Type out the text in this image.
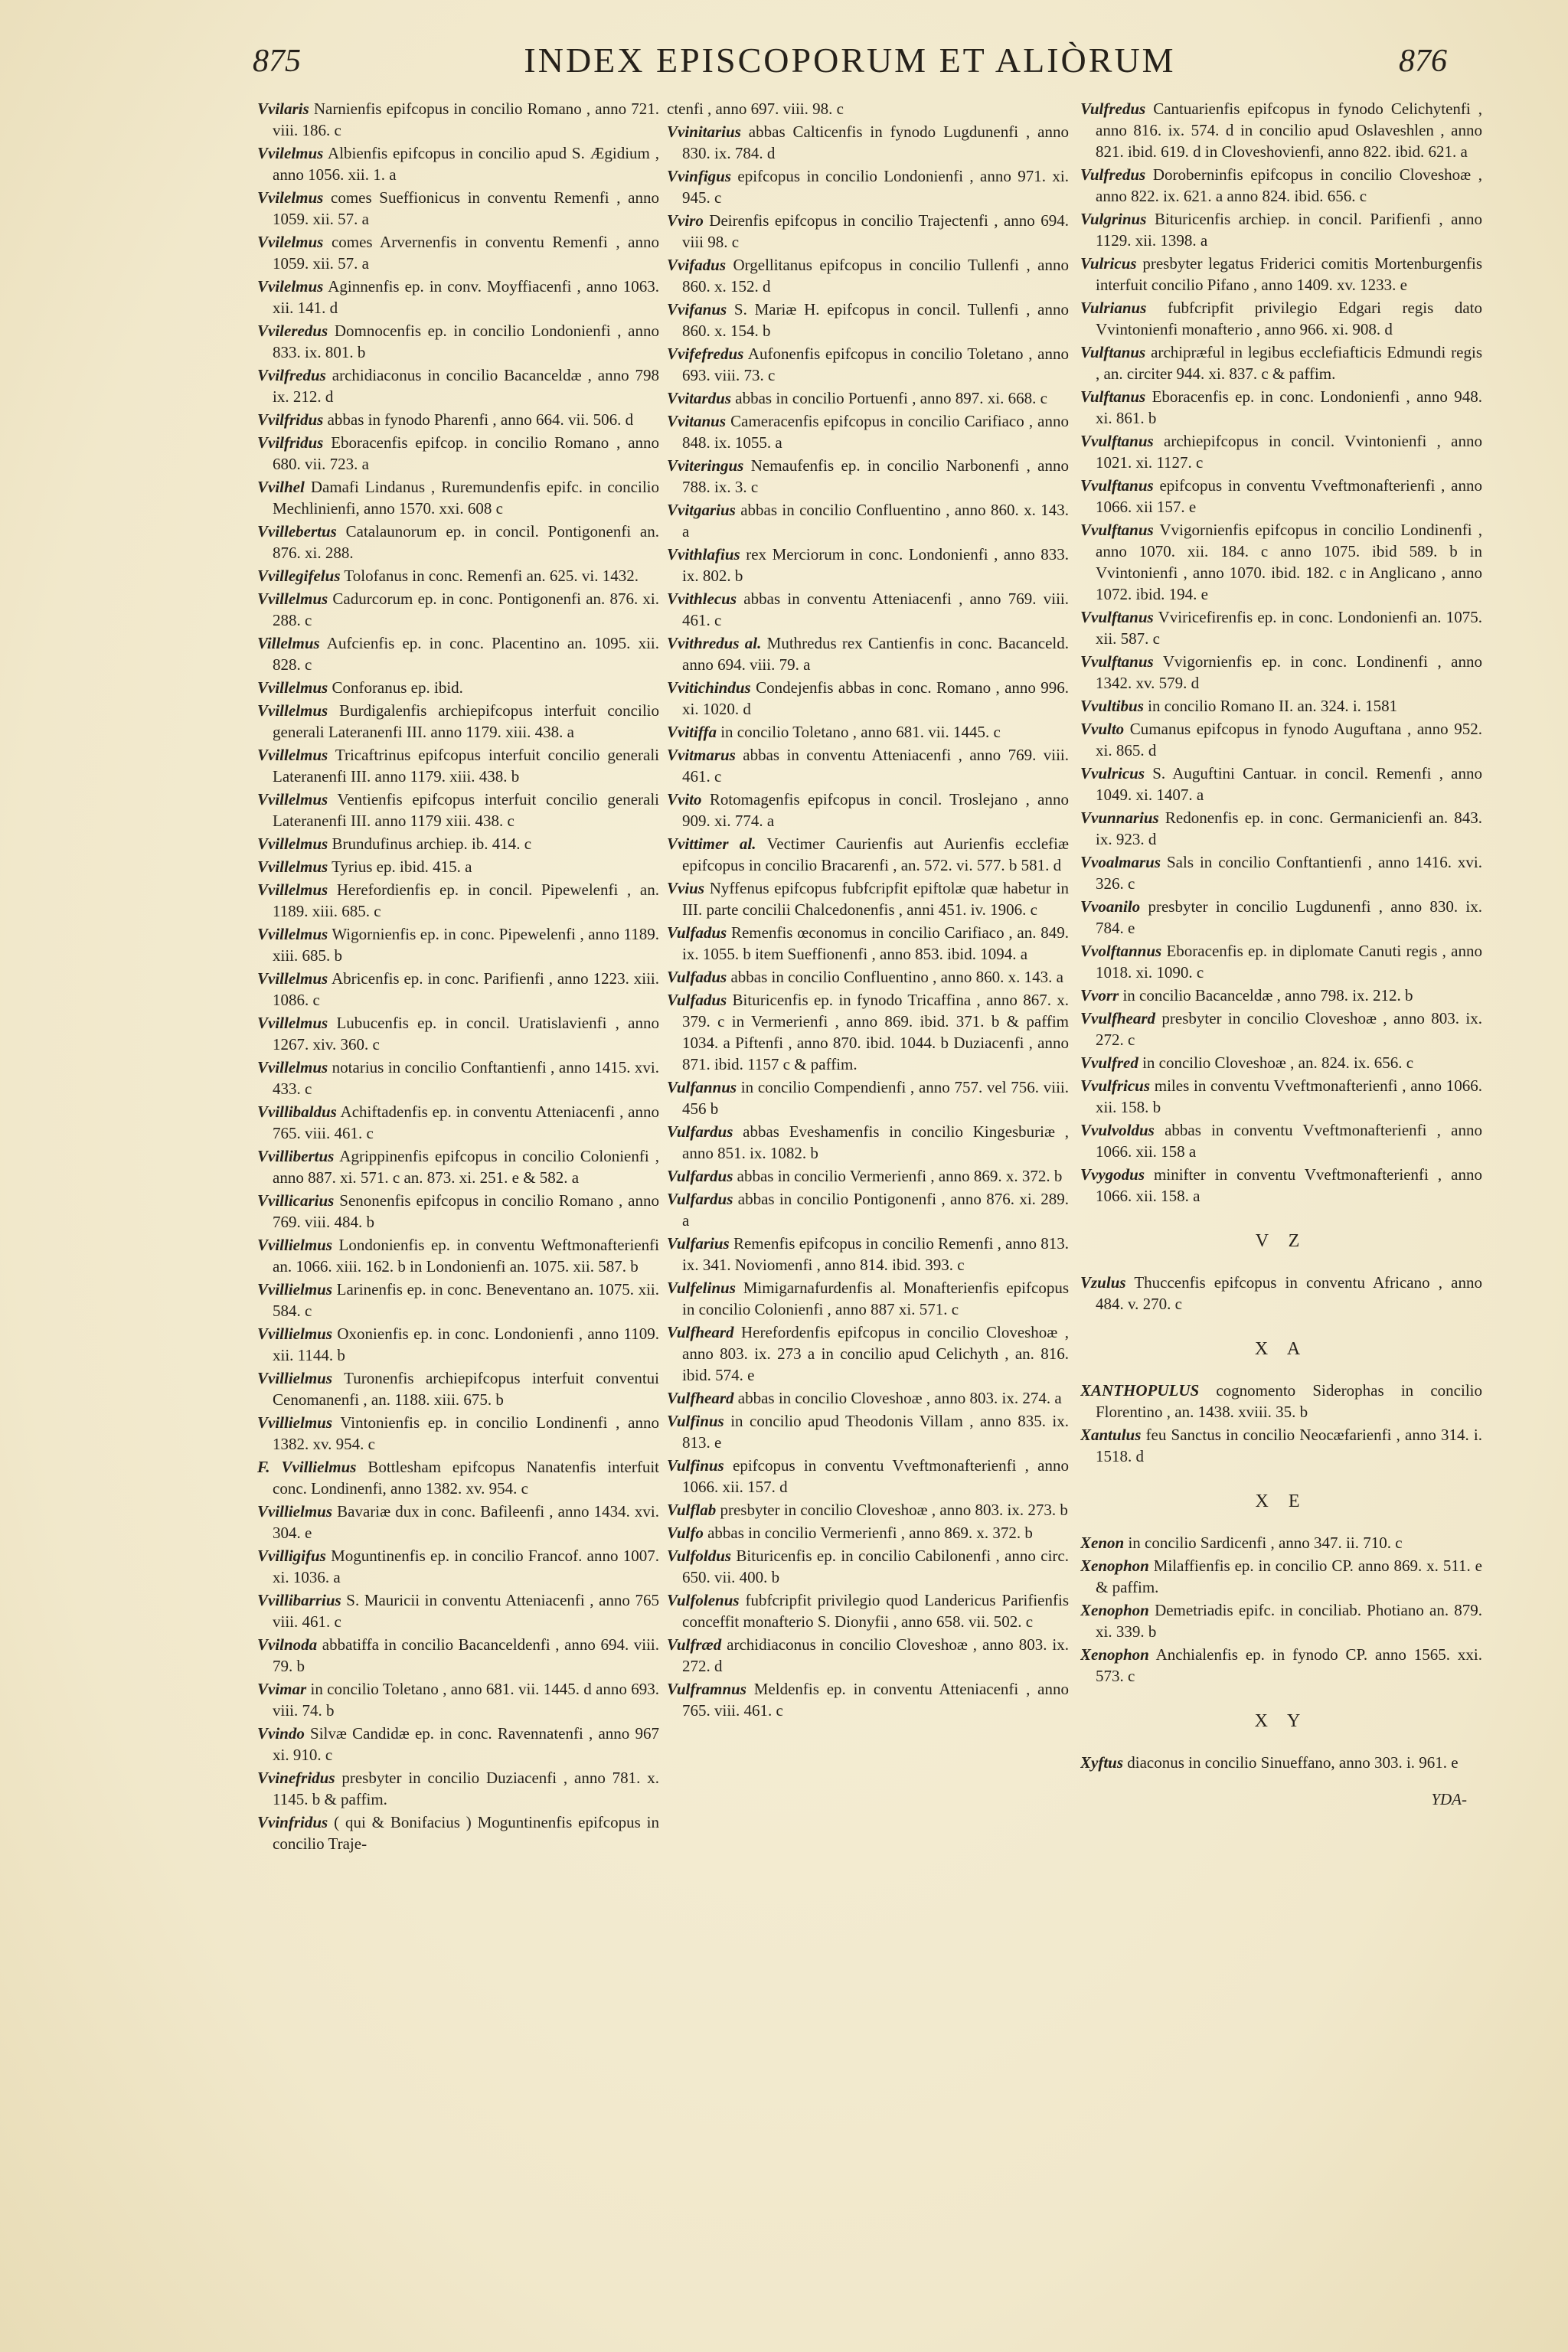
875	INDEX EPISCOPORUM ET ALIÒRUM	876

Vvilaris Narnienfis epifcopus in concilio Romano , anno 721. viii. 186. c

Vvilelmus Albienfis epifcopus in concilio apud S. Ægidium , anno 1056. xii. 1. a

Vvilelmus comes Sueffionicus in conventu Remenfi , anno 1059. xii. 57. a

Vvilelmus comes Arvernenfis in conventu Remenfi , anno 1059. xii. 57. a

Vvilelmus Aginnenfis ep. in conv. Moyffiacenfi , anno 1063. xii. 141. d

Vvileredus Domnocenfis ep. in concilio Londonienfi , anno 833. ix. 801. b

Vvilfredus archidiaconus in concilio Bacanceldæ , anno 798 ix. 212. d

Vvilfridus abbas in fynodo Pharenfi , anno 664. vii. 506. d

Vvilfridus Eboracenfis epifcop. in concilio Romano , anno 680. vii. 723. a

Vvilhel Damafi Lindanus , Ruremundenfis epifc. in concilio Mechlinienfi, anno 1570. xxi. 608 c

Vvillebertus Catalaunorum ep. in concil. Pontigonenfi an. 876. xi. 288.

Vvillegifelus Tolofanus in conc. Remenfi an. 625. vi. 1432.

Vvillelmus Cadurcorum ep. in conc. Pontigonenfi an. 876. xi. 288. c

Villelmus Aufcienfis ep. in conc. Placentino an. 1095. xii. 828. c

Vvillelmus Conforanus ep. ibid.

Vvillelmus Burdigalenfis archiepifcopus interfuit concilio generali Lateranenfi III. anno 1179. xiii. 438. a

Vvillelmus Tricaftrinus epifcopus interfuit concilio generali Lateranenfi III. anno 1179. xiii. 438. b

Vvillelmus Ventienfis epifcopus interfuit concilio generali Lateranenfi III. anno 1179 xiii. 438. c

Vvillelmus Brundufinus archiep. ib. 414. c

Vvillelmus Tyrius ep. ibid. 415. a

Vvillelmus Herefordienfis ep. in concil. Pipewelenfi , an. 1189. xiii. 685. c

Vvillelmus Wigornienfis ep. in conc. Pipewelenfi , anno 1189. xiii. 685. b

Vvillelmus Abricenfis ep. in conc. Parifienfi , anno 1223. xiii. 1086. c

Vvillelmus Lubucenfis ep. in concil. Uratislavienfi , anno 1267. xiv. 360. c

Vvillelmus notarius in concilio Conftantienfi , anno 1415. xvi. 433. c

Vvillibaldus Achiftadenfis ep. in conventu Atteniacenfi , anno 765. viii. 461. c

Vvillibertus Agrippinenfis epifcopus in concilio Colonienfi , anno 887. xi. 571. c an. 873. xi. 251. e & 582. a

Vvillicarius Senonenfis epifcopus in concilio Romano , anno 769. viii. 484. b

Vvillielmus Londonienfis ep. in conventu Weftmonafterienfi an. 1066. xiii. 162. b in Londonienfi an. 1075. xii. 587. b

Vvillielmus Larinenfis ep. in conc. Beneventano an. 1075. xii. 584. c

Vvillielmus Oxonienfis ep. in conc. Londonienfi , anno 1109. xii. 1144. b

Vvillielmus Turonenfis archiepifcopus interfuit conventui Cenomanenfi , an. 1188. xiii. 675. b

Vvillielmus Vintonienfis ep. in concilio Londinenfi , anno 1382. xv. 954. c

F. Vvillielmus Bottlesham epifcopus Nanatenfis interfuit conc. Londinenfi, anno 1382. xv. 954. c

Vvillielmus Bavariæ dux in conc. Bafileenfi , anno 1434. xvi. 304. e

Vvilligifus Moguntinenfis ep. in concilio Francof. anno 1007. xi. 1036. a

Vvillibarrius S. Mauricii in conventu Atteniacenfi , anno 765 viii. 461. c

Vvilnoda abbatiffa in concilio Bacanceldenfi , anno 694. viii. 79. b

Vvimar in concilio Toletano , anno 681. vii. 1445. d anno 693. viii. 74. b

Vvindo Silvæ Candidæ ep. in conc. Ravennatenfi , anno 967 xi. 910. c

Vvinefridus presbyter in concilio Duziacenfi , anno 781. x. 1145. b & paffim.

Vvinfridus ( qui & Bonifacius ) Moguntinenfis epifcopus in concilio Traje-

ctenfi , anno 697. viii. 98. c

Vvinitarius abbas Calticenfis in fynodo Lugdunenfi , anno 830. ix. 784. d

Vvinfigus epifcopus in concilio Londonienfi , anno 971. xi. 945. c

Vviro Deirenfis epifcopus in concilio Trajectenfi , anno 694. viii 98. c

Vvifadus Orgellitanus epifcopus in concilio Tullenfi , anno 860. x. 152. d

Vvifanus S. Mariæ H. epifcopus in concil. Tullenfi , anno 860. x. 154. b

Vvifefredus Aufonenfis epifcopus in concilio Toletano , anno 693. viii. 73. c

Vvitardus abbas in concilio Portuenfi , anno 897. xi. 668. c

Vvitanus Cameracenfis epifcopus in concilio Carifiaco , anno 848. ix. 1055. a

Vviteringus Nemaufenfis ep. in concilio Narbonenfi , anno 788. ix. 3. c

Vvitgarius abbas in concilio Confluentino , anno 860. x. 143. a

Vvithlafius rex Merciorum in conc. Londonienfi , anno 833. ix. 802. b

Vvithlecus abbas in conventu Atteniacenfi , anno 769. viii. 461. c

Vvithredus al. Muthredus rex Cantienfis in conc. Bacanceld. anno 694. viii. 79. a

Vvitichindus Condejenfis abbas in conc. Romano , anno 996. xi. 1020. d

Vvitiffa in concilio Toletano , anno 681. vii. 1445. c

Vvitmarus abbas in conventu Atteniacenfi , anno 769. viii. 461. c

Vvito Rotomagenfis epifcopus in concil. Troslejano , anno 909. xi. 774. a

Vvittimer al. Vectimer Caurienfis aut Aurienfis ecclefiæ epifcopus in concilio Bracarenfi , an. 572. vi. 577. b 581. d

Vvius Nyffenus epifcopus fubfcripfit epiftolæ quæ habetur in III. parte concilii Chalcedonenfis , anni 451. iv. 1906. c

Vulfadus Remenfis œconomus in concilio Carifiaco , an. 849. ix. 1055. b item Sueffionenfi , anno 853. ibid. 1094. a

Vulfadus abbas in concilio Confluentino , anno 860. x. 143. a

Vulfadus Bituricenfis ep. in fynodo Tricaffina , anno 867. x. 379. c in Vermerienfi , anno 869. ibid. 371. b & paffim 1034. a Piftenfi , anno 870. ibid. 1044. b Duziacenfi , anno 871. ibid. 1157 c & paffim.

Vulfannus in concilio Compendienfi , anno 757. vel 756. viii. 456 b

Vulfardus abbas Eveshamenfis in concilio Kingesburiæ , anno 851. ix. 1082. b

Vulfardus abbas in concilio Vermerienfi , anno 869. x. 372. b

Vulfardus abbas in concilio Pontigonenfi , anno 876. xi. 289. a

Vulfarius Remenfis epifcopus in concilio Remenfi , anno 813. ix. 341. Noviomenfi , anno 814. ibid. 393. c

Vulfelinus Mimigarnafurdenfis al. Monafterienfis epifcopus in concilio Colonienfi , anno 887 xi. 571. c

Vulfheard Herefordenfis epifcopus in concilio Cloveshoæ , anno 803. ix. 273 a in concilio apud Celichyth , an. 816. ibid. 574. e

Vulfheard abbas in concilio Cloveshoæ , anno 803. ix. 274. a

Vulfinus in concilio apud Theodonis Villam , anno 835. ix. 813. e

Vulfinus epifcopus in conventu Vveftmonafterienfi , anno 1066. xii. 157. d

Vulflab presbyter in concilio Cloveshoæ , anno 803. ix. 273. b

Vulfo abbas in concilio Vermerienfi , anno 869. x. 372. b

Vulfoldus Bituricenfis ep. in concilio Cabilonenfi , anno circ. 650. vii. 400. b

Vulfolenus fubfcripfit privilegio quod Landericus Parifienfis conceffit monafterio S. Dionyfii , anno 658. vii. 502. c

Vulfræd archidiaconus in concilio Cloveshoæ , anno 803. ix. 272. d

Vulframnus Meldenfis ep. in conventu Atteniacenfi , anno 765. viii. 461. c

Vulfredus Cantuarienfis epifcopus in fynodo Celichytenfi , anno 816. ix. 574. d in concilio apud Oslaveshlen , anno 821. ibid. 619. d in Cloveshovienfi, anno 822. ibid. 621. a

Vulfredus Doroberninfis epifcopus in concilio Cloveshoæ , anno 822. ix. 621. a anno 824. ibid. 656. c

Vulgrinus Bituricenfis archiep. in concil. Parifienfi , anno 1129. xii. 1398. a

Vulricus presbyter legatus Friderici comitis Mortenburgenfis interfuit concilio Pifano , anno 1409. xv. 1233. e

Vulrianus fubfcripfit privilegio Edgari regis dato Vvintonienfi monafterio , anno 966. xi. 908. d

Vulftanus archipræful in legibus ecclefiafticis Edmundi regis , an. circiter 944. xi. 837. c & paffim.

Vulftanus Eboracenfis ep. in conc. Londonienfi , anno 948. xi. 861. b

Vvulftanus archiepifcopus in concil. Vvintonienfi , anno 1021. xi. 1127. c

Vvulftanus epifcopus in conventu Vveftmonafterienfi , anno 1066. xii 157. e

Vvulftanus Vvigornienfis epifcopus in concilio Londinenfi , anno 1070. xii. 184. c anno 1075. ibid 589. b in Vvintonienfi , anno 1070. ibid. 182. c in Anglicano , anno 1072. ibid. 194. e

Vvulftanus Vviricefirenfis ep. in conc. Londonienfi an. 1075. xii. 587. c

Vvulftanus Vvigornienfis ep. in conc. Londinenfi , anno 1342. xv. 579. d

Vvultibus in concilio Romano II. an. 324. i. 1581

Vvulto Cumanus epifcopus in fynodo Auguftana , anno 952. xi. 865. d

Vvulricus S. Auguftini Cantuar. in concil. Remenfi , anno 1049. xi. 1407. a

Vvunnarius Redonenfis ep. in conc. Germanicienfi an. 843. ix. 923. d

Vvoalmarus Sals in concilio Conftantienfi , anno 1416. xvi. 326. c

Vvoanilo presbyter in concilio Lugdunenfi , anno 830. ix. 784. e

Vvolftannus Eboracenfis ep. in diplomate Canuti regis , anno 1018. xi. 1090. c

Vvorr in concilio Bacanceldæ , anno 798. ix. 212. b

Vvulfheard presbyter in concilio Cloveshoæ , anno 803. ix. 272. c

Vvulfred in concilio Cloveshoæ , an. 824. ix. 656. c

Vvulfricus miles in conventu Vveftmonafterienfi , anno 1066. xii. 158. b

Vvulvoldus abbas in conventu Vveftmonafterienfi , anno 1066. xii. 158 a

Vvygodus minifter in conventu Vveftmonafterienfi , anno 1066. xii. 158. a

V Z

Vzulus Thuccenfis epifcopus in conventu Africano , anno 484. v. 270. c

X A

XANTHOPULUS cognomento Siderophas in concilio Florentino , an. 1438. xviii. 35. b

Xantulus feu Sanctus in concilio Neocæfarienfi , anno 314. i. 1518. d

X E

Xenon in concilio Sardicenfi , anno 347. ii. 710. c

Xenophon Milaffienfis ep. in concilio CP. anno 869. x. 511. e & paffim.

Xenophon Demetriadis epifc. in conciliab. Photiano an. 879. xi. 339. b

Xenophon Anchialenfis ep. in fynodo CP. anno 1565. xxi. 573. c

X Y

Xyftus diaconus in concilio Sinueffano, anno 303. i. 961. e

YDA-
